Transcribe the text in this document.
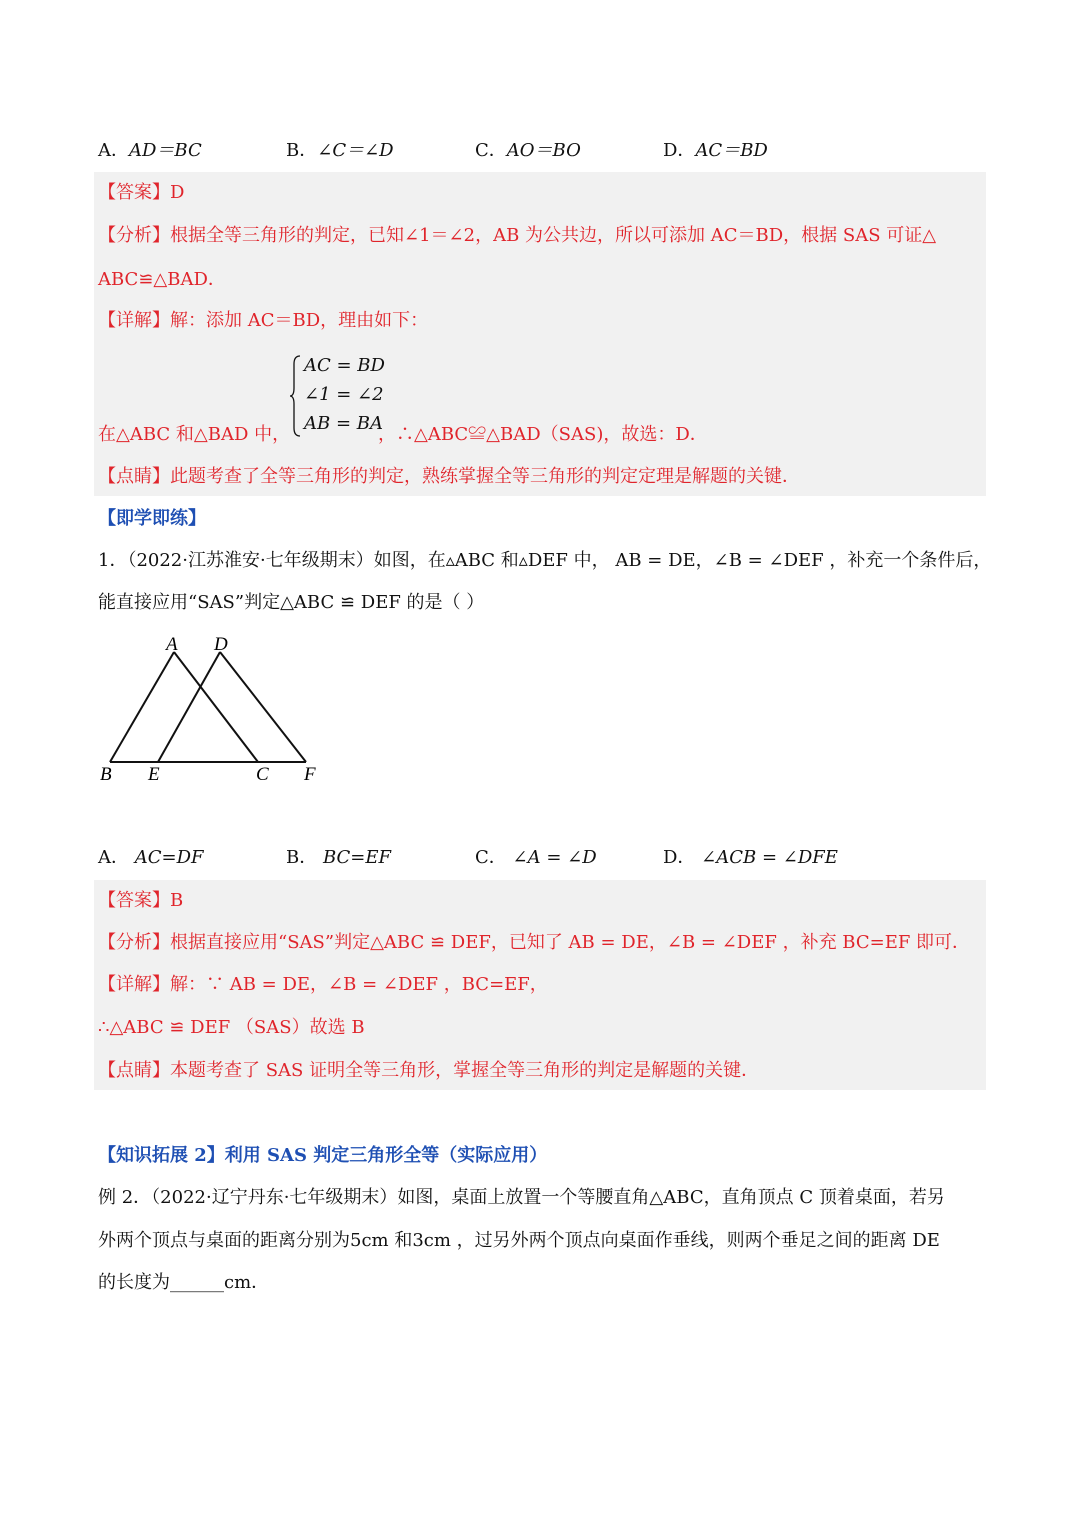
A．AD＝BC	B．∠C＝∠D	C．AO＝BO	D．AC＝BD
【答案】D
【分析】根据全等三角形的判定，已知∠1＝∠2，AB 为公共边，所以可添加 AC＝BD，根据 SAS 可证△
ABC≌△BAD．
【详解】解：添加 AC＝BD，理由如下：
AC = BD
∠1 = ∠2
AB = BA
在△ABC 和△BAD 中，	，∴△ABC≌△BAD（SAS)，故选：D．
【点睛】此题考查了全等三角形的判定，熟练掌握全等三角形的判定定理是解题的关键．
【即学即练】
1．（2022·江苏淮安·七年级期末）如图，在▵ABC 和▵DEF 中， AB = DE，∠B = ∠DEF ，补充一个条件后，
能直接应用“SAS”判定△ABC ≌ DEF 的是（ ）
A D
B E	C F
A． AC=DF	B． BC=EF	C． ∠A = ∠D	D． ∠ACB = ∠DFE
【答案】B
【分析】根据直接应用“SAS”判定△ABC ≌ DEF，已知了 AB = DE，∠B = ∠DEF ，补充 BC=EF 即可．
【详解】解：∵ AB = DE，∠B = ∠DEF ，BC=EF，
∴△ABC ≌ DEF （SAS）故选 B
【点睛】本题考查了 SAS 证明全等三角形，掌握全等三角形的判定是解题的关键．
【知识拓展 2】利用 SAS 判定三角形全等（实际应用）
例 2．（2022·辽宁丹东·七年级期末）如图，桌面上放置一个等腰直角△ABC，直角顶点 C 顶着桌面，若另
外两个顶点与桌面的距离分别为5cm 和3cm ，过另外两个顶点向桌面作垂线，则两个垂足之间的距离 DE
的长度为______cm．
